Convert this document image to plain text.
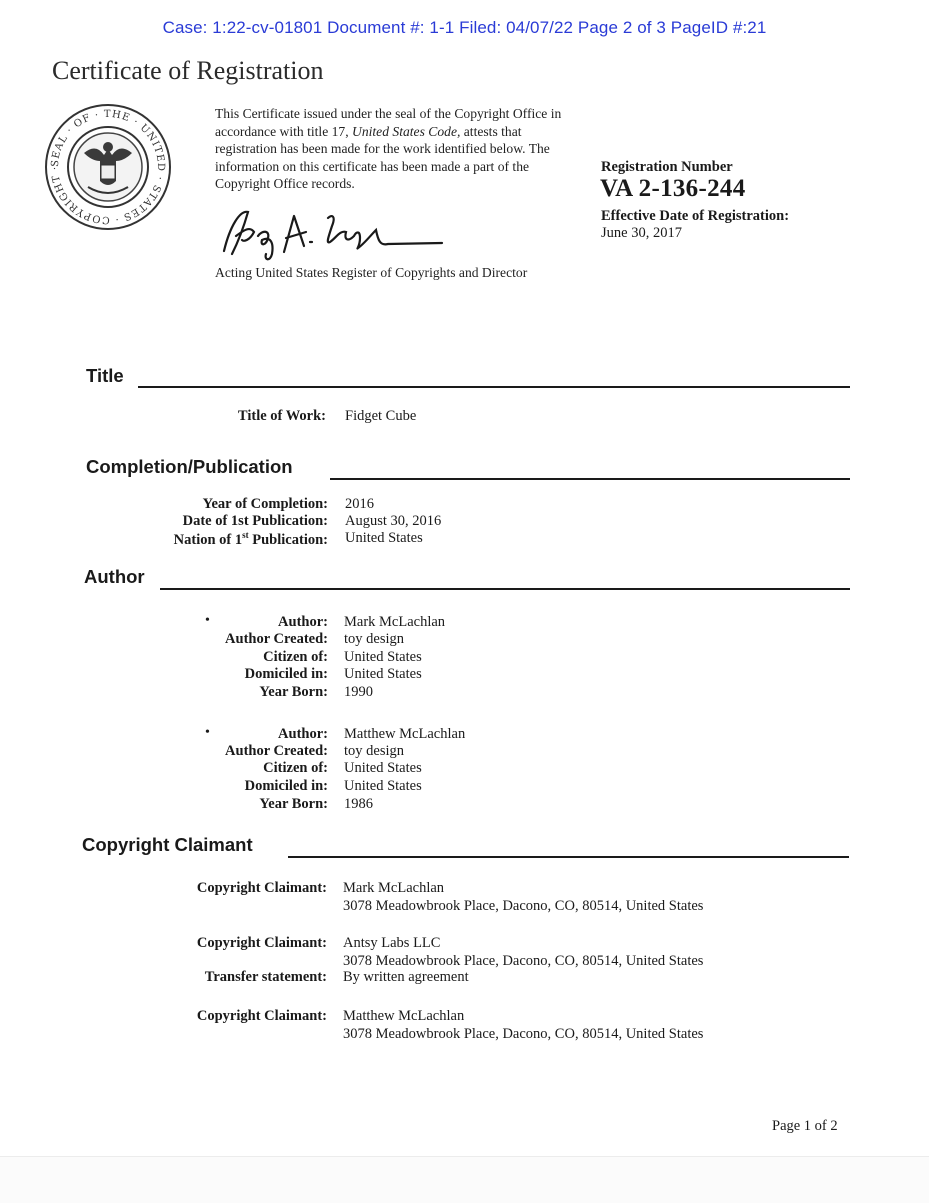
Case: 1:22-cv-01801 Document #: 1-1 Filed: 04/07/22 Page 2 of 3 PageID #:21
Certificate of Registration
SEAL · OF · THE · UNITED · STATES · COPYRIGHT ·
This Certificate issued under the seal of the Copyright Office in accordance with title 17, United States Code, attests that registration has been made for the work identified below. The information on this certificate has been made a part of the Copyright Office records.
Acting United States Register of Copyrights and Director
Registration Number
VA 2-136-244
Effective Date of Registration:
June 30, 2017
Title
Title of Work: Fidget Cube
Completion/Publication
Year of Completion: 2016
Date of 1st Publication: August 30, 2016
Nation of 1st Publication: United States
Author
•	Author: Mark McLachlan
Author Created: toy design
Citizen of: United States
Domiciled in: United States
Year Born: 1990
•	Author: Matthew McLachlan
Author Created: toy design
Citizen of: United States
Domiciled in: United States
Year Born: 1986
Copyright Claimant
Copyright Claimant: Mark McLachlan
3078 Meadowbrook Place, Dacono, CO, 80514, United States
Copyright Claimant: Antsy Labs LLC
3078 Meadowbrook Place, Dacono, CO, 80514, United States
Transfer statement: By written agreement
Copyright Claimant: Matthew McLachlan
3078 Meadowbrook Place, Dacono, CO, 80514, United States
Page 1 of 2
